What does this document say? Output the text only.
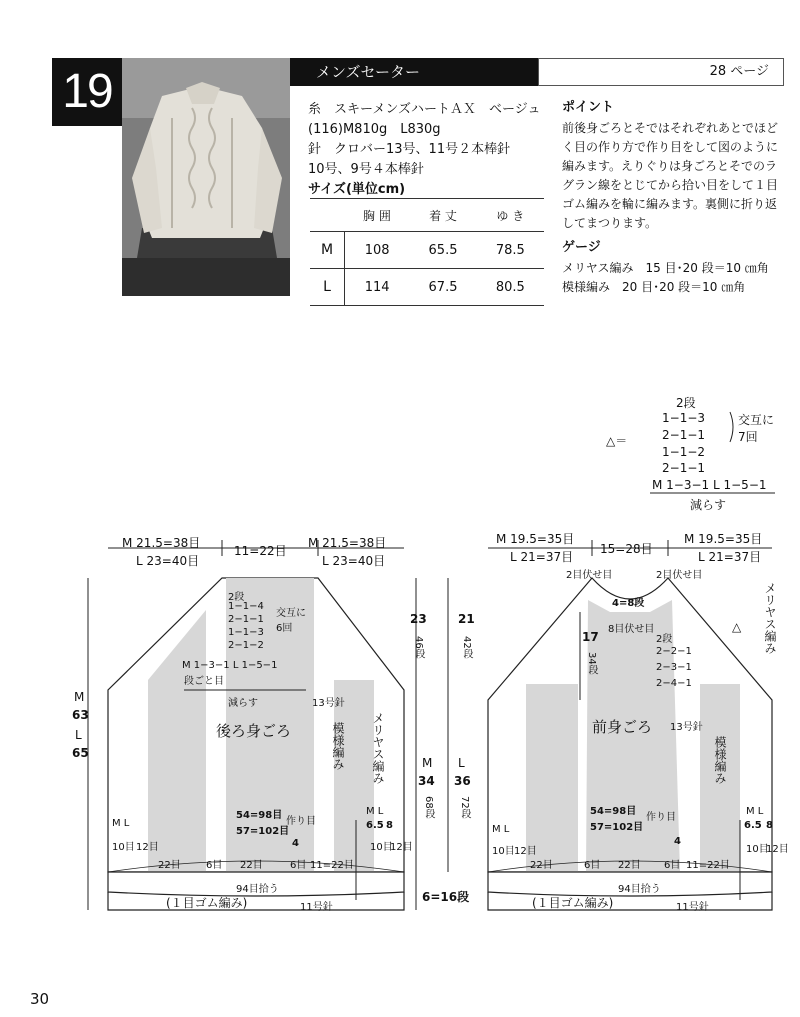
19	メンズセーター	28 ページ
糸　スキーメンズハートＡＸ　ベージュ
(116)M810g　L830g
針　クロバー13号、11号２本棒針
10号、9号４本棒針
サイズ(単位cm)
	胸 囲	着 丈	ゆ き
M	108	65.5	78.5
L	114	67.5	80.5
ポイント
前後身ごろとそではそれぞれあとでほど
く目の作り方で作り目をして図のように
編みます。えりぐりは身ごろとそでのラ
グラン線をとじてから拾い目をして１目
ゴム編みを輪に編みます。裏側に折り返
してまつります。
ゲージ
メリヤス編み　15 目･20 段＝10 ㎝角
模様編み　20 目･20 段＝10 ㎝角
△＝
2段
1−1−3
2−1−1
1−1−2
2−1−1
M 1−3−1 L 1−5−1
交互に7回
減らす
M 21.5=38目
L 23=40目
11=22目
M 21.5=38目
L 23=40目
M
63
L
65
23
46段
21
42段
M
34
68段
L
36
72段
6=16段
2段
1−1−4
2−1−1
1−1−3
2−1−2
交互に6回
M 1−3−1 L 1−5−1
段ごと目
減らす	13号針
後ろ身ごろ	メリヤス編み
模様編み
54=98目
57=102目
作り目
M L
6.5 8
M L
10目 12目	10目
12目
22目	6目 22目	6目
4
11=22目
94目拾う
(１目ゴム編み)	11号針
M 19.5=35目
L 21=37目
15=28目
M 19.5=35目
L 21=37目
2目伏せ目	2目伏せ目
4=8段
8目伏せ目
17
34段
2段
2−2−1
2−3−1
2−4−1
△ メリヤス編み
前身ごろ 13号針
模様編み
54=98目
57=102目
作り目
M L
10目 12目
M L
6.5 8
10目
12目
22目	6目 22目 6目
4
11=22目
94目拾う
(１目ゴム編み)	11号針
30
